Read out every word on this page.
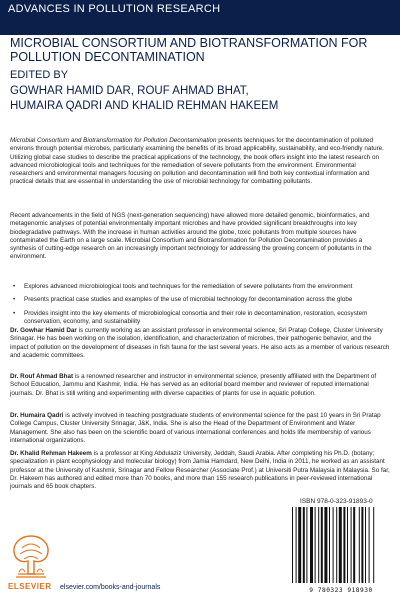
ADVANCES IN POLLUTION RESEARCH
MICROBIAL CONSORTIUM AND BIOTRANSFORMATION FOR POLLUTION DECONTAMINATION
EDITED BY
GOWHAR HAMID DAR, ROUF AHMAD BHAT,
HUMAIRA QADRI AND KHALID REHMAN HAKEEM

Microbial Consortium and Biotransformation for Pollution Decontamination presents techniques for the decontamination of polluted environs through potential microbes, particularly examining the benefits of its broad applicability, sustainability, and eco-friendly nature. Utilizing global case studies to describe the practical applications of the technology, the book offers insight into the latest research on advanced microbiological tools and techniques for the remediation of severe pollutants from the environment. Environmental researchers and environmental managers focusing on pollution and decontamination will find both key contextual information and practical details that are essential in understanding the use of microbial technology for combatting pollutants.

Recent advancements in the field of NGS (next-generation sequencing) have allowed more detailed genomic, bioinformatics, and metagenomic analyses of potential environmentally important microbes and have provided significant breakthroughs into key biodegradative pathways. With the increase in human activities around the globe, toxic pollutants from multiple sources have contaminated the Earth on a large scale. Microbial Consortium and Biotransformation for Pollution Decontamination provides a synthesis of cutting-edge research on an increasingly important technology for addressing the growing concern of pollutants in the environment.

• Explores advanced microbiological tools and techniques for the remediation of severe pollutants from the environment
• Presents practical case studies and examples of the use of microbial technology for decontamination across the globe
• Provides insight into the key elements of microbiological consortia and their role in decontamination, restoration, ecosystem conservation, economy, and sustainability

Dr. Gowhar Hamid Dar is currently working as an assistant professor in environmental science, Sri Pratap College, Cluster University Srinagar. He has been working on the isolation, identification, and characterization of microbes, their pathogenic behavior, and the impact of pollution on the development of diseases in fish fauna for the last several years. He also acts as a member of various research and academic committees.

Dr. Rouf Ahmad Bhat is a renowned researcher and instructor in environmental science, presently affiliated with the Department of School Education, Jammu and Kashmir, India. He has served as an editorial board member and reviewer of reputed international journals. Dr. Bhat is still writing and experimenting with diverse capacities of plants for use in aquatic pollution.

Dr. Humaira Qadri is actively involved in teaching postgraduate students of environmental science for the past 10 years in Sri Pratap College Campus, Cluster University Srinagar, J&K, India. She is also the Head of the Department of Environment and Water Management. She also has been on the scientific board of various international conferences and holds life membership of various international organizations.

Dr. Khalid Rehman Hakeem is a professor at King Abdulaziz University, Jeddah, Saudi Arabia. After completing his Ph.D. (botany; specialization in plant ecophysiology and molecular biology) from Jamia Hamdard, New Delhi, India in 2011, he worked as an assistant professor at the University of Kashmir, Srinagar and Fellow Researcher (Associate Prof.) at Universiti Putra Malaysia in Malaysia. So far, Dr. Hakeem has authored and edited more than 70 books, and more than 155 research publications in peer-reviewed international journals and 65 book chapters.

ISBN 978-0-323-91893-0
9 780323 918930
ELSEVIER elsevier.com/books-and-journals
